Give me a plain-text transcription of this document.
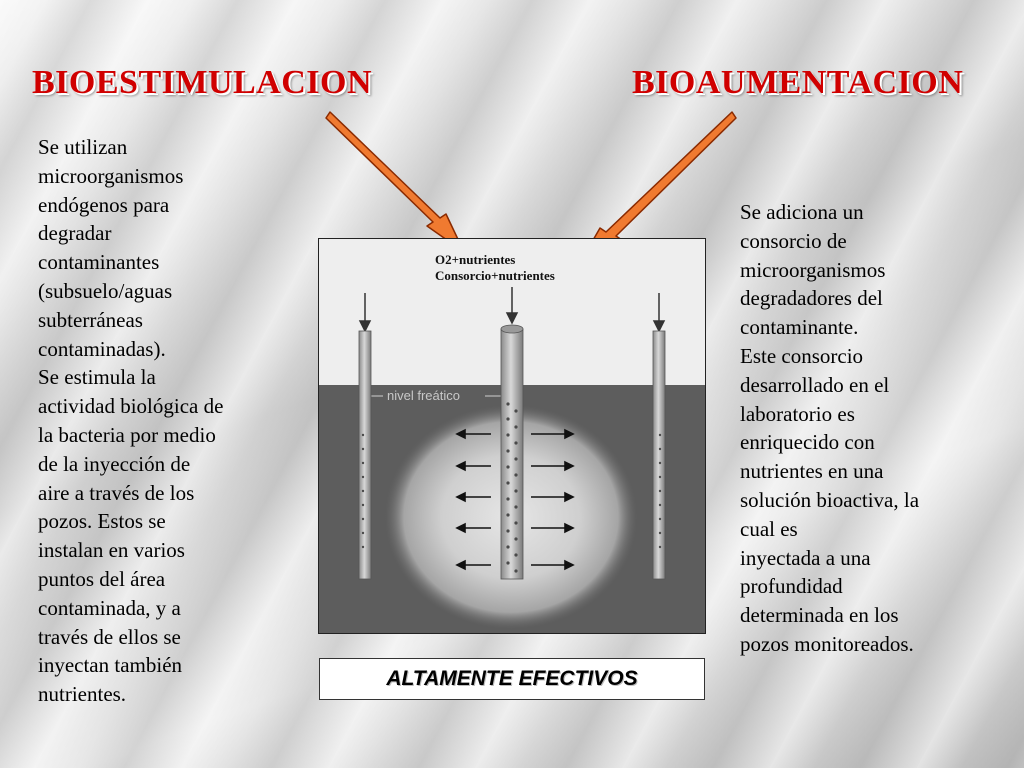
BIOESTIMULACION	BIOAUMENTACION

Se utilizan
microorganismos
endógenos para
degradar
contaminantes
(subsuelo/aguas
subterráneas
contaminadas).
Se estimula la
actividad biológica de
la bacteria por medio
de la inyección de
aire a través de los
pozos. Estos se
instalan en varios
puntos del área
contaminada, y a
través de ellos se
inyectan también
nutrientes.

Se adiciona un
consorcio de
microorganismos
degradadores del
contaminante.
Este consorcio
desarrollado en el
laboratorio es
enriquecido con
nutrientes en una
solución bioactiva, la
cual es
inyectada a una
profundidad
determinada en los
pozos monitoreados.

nivel freático
O2+nutrientes
Consorcio+nutrientes
ALTAMENTE EFECTIVOS
